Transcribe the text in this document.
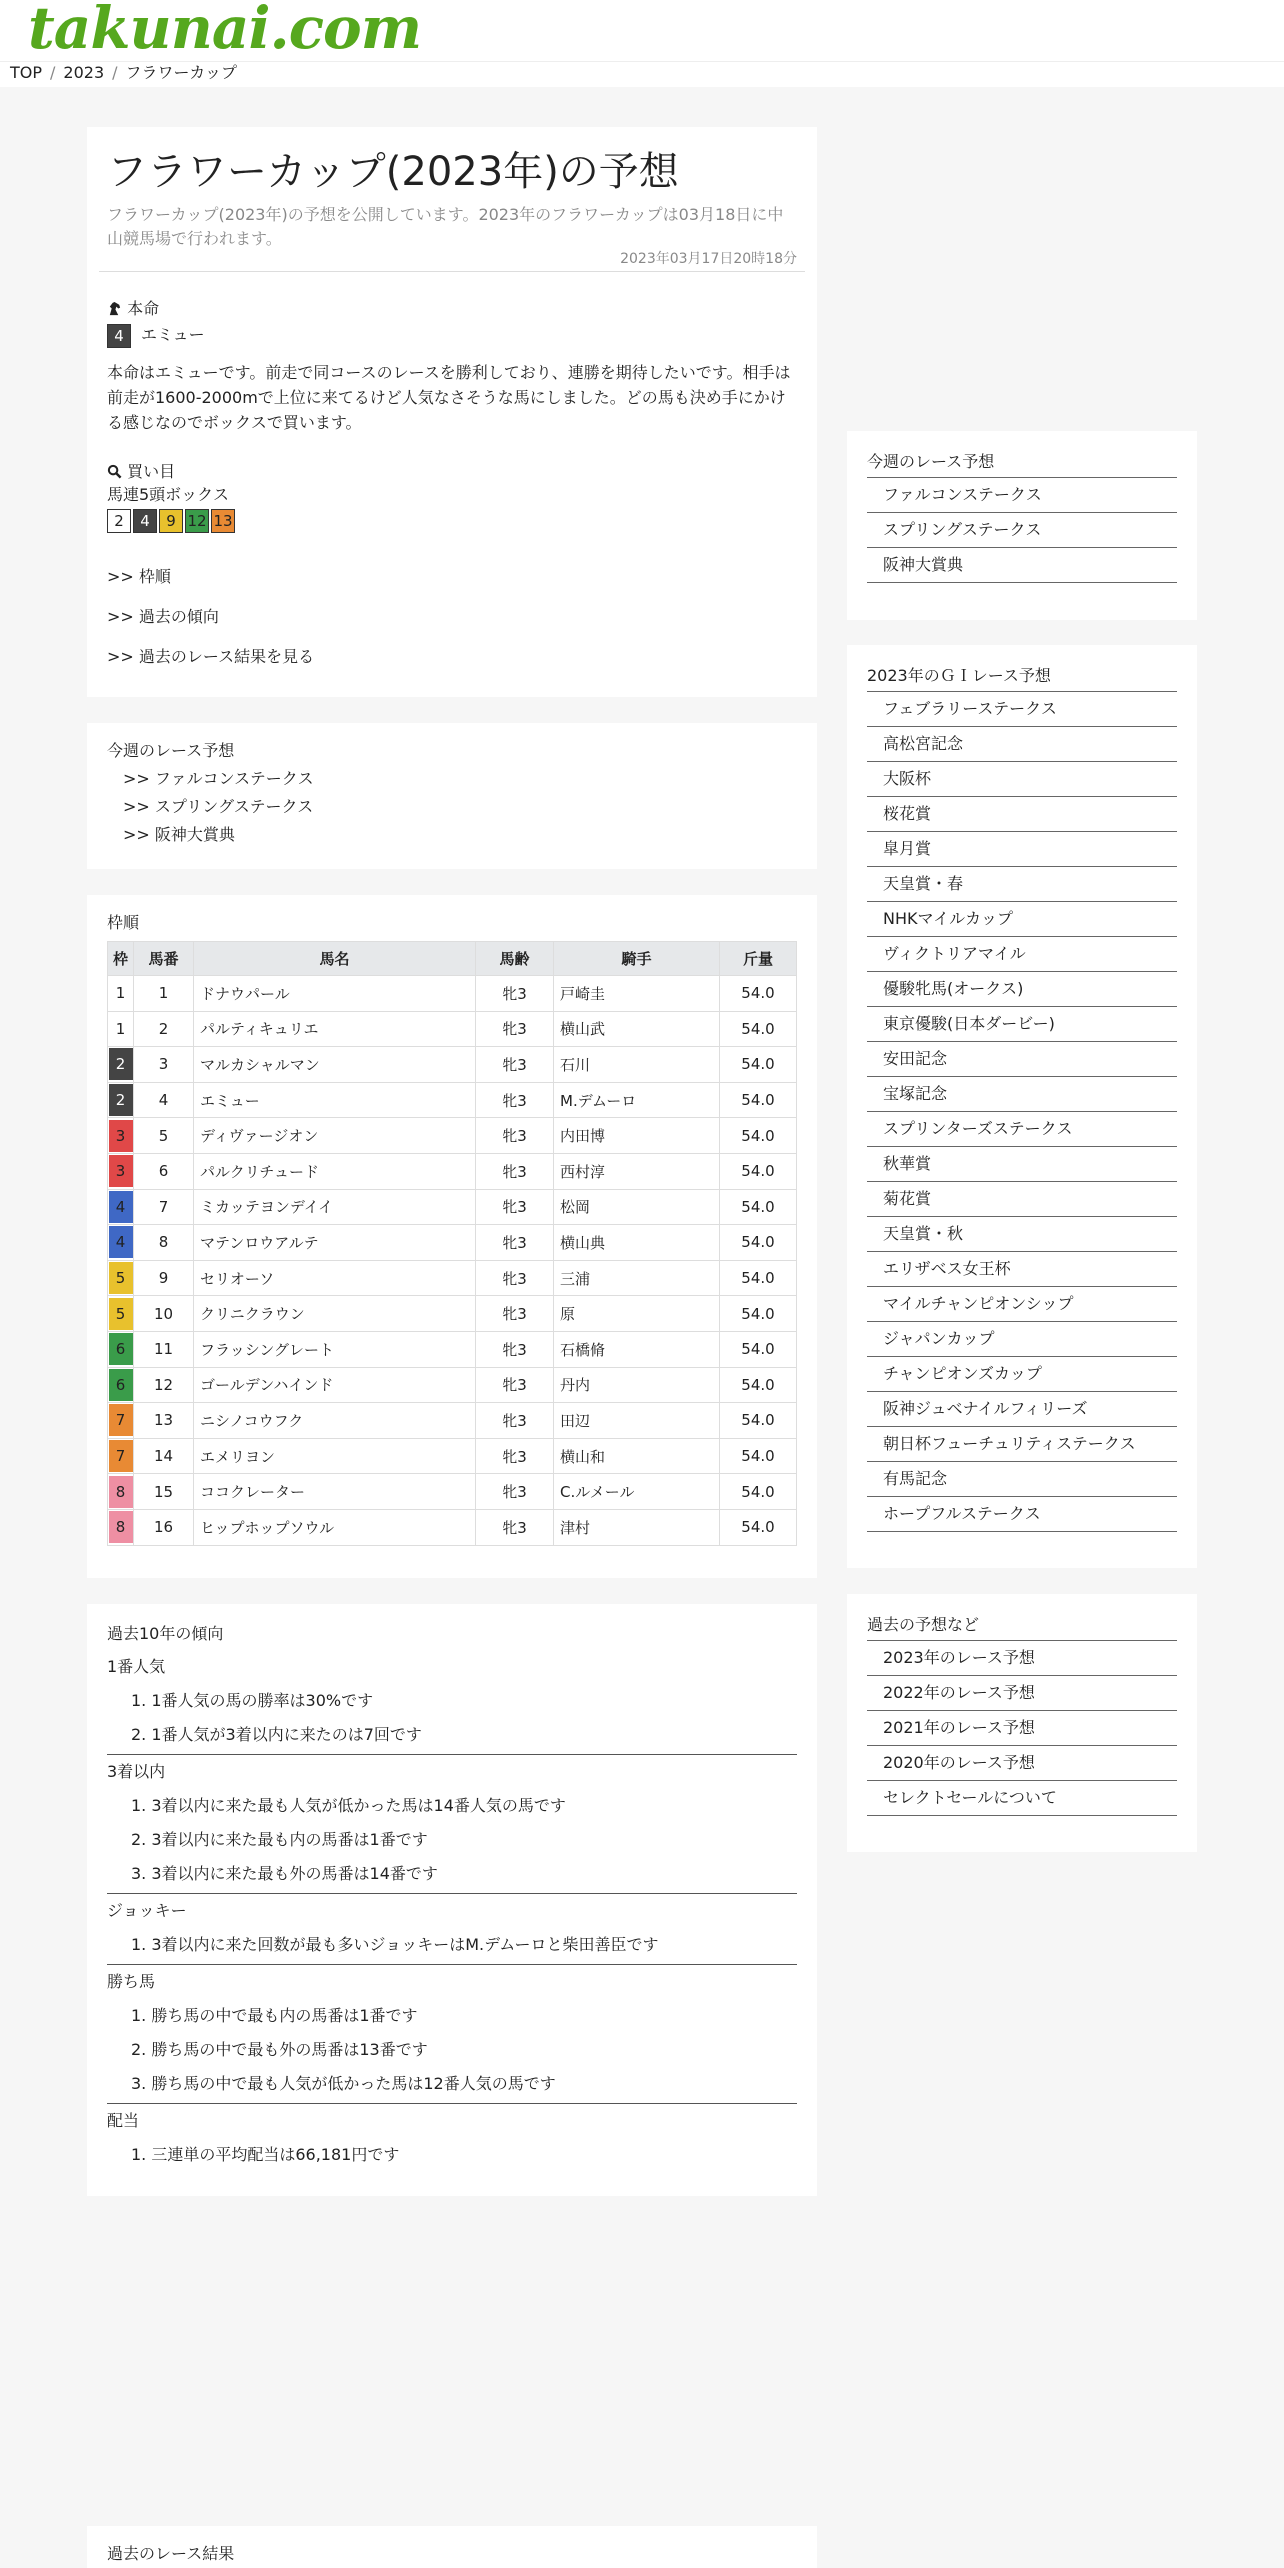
takunai.com
TOP / 2023 / フラワーカップ
フラワーカップ(2023年)の予想
フラワーカップ(2023年)の予想を公開しています。2023年のフラワーカップは03月18日に中山競馬場で行われます。
2023年03月17日20時18分
本命
4 エミュー
本命はエミューです。前走で同コースのレースを勝利しており、連勝を期待したいです。相手は前走が1600-2000mで上位に来てるけど人気なさそうな馬にしました。どの馬も決め手にかける感じなのでボックスで買います。
買い目
馬連5頭ボックス
2 4 9 12 13
>> 枠順
>> 過去の傾向
>> 過去のレース結果を見る
今週のレース予想
>> ファルコンステークス
>> スプリングステークス
>> 阪神大賞典
枠順
枠	馬番	馬名	馬齢	騎手	斤量
1	1	ドナウパール	牝3	戸崎圭	54.0
1	2	パルティキュリエ	牝3	横山武	54.0
2	3	マルカシャルマン	牝3	石川	54.0
2	4	エミュー	牝3	M.デムーロ	54.0
3	5	ディヴァージオン	牝3	内田博	54.0
3	6	パルクリチュード	牝3	西村淳	54.0
4	7	ミカッテヨンデイイ	牝3	松岡	54.0
4	8	マテンロウアルテ	牝3	横山典	54.0
5	9	セリオーソ	牝3	三浦	54.0
5	10	クリニクラウン	牝3	原	54.0
6	11	フラッシングレート	牝3	石橋脩	54.0
6	12	ゴールデンハインド	牝3	丹内	54.0
7	13	ニシノコウフク	牝3	田辺	54.0
7	14	エメリヨン	牝3	横山和	54.0
8	15	ココクレーター	牝3	C.ルメール	54.0
8	16	ヒップホップソウル	牝3	津村	54.0
過去10年の傾向
1番人気
1. 1番人気の馬の勝率は30%です
2. 1番人気が3着以内に来たのは7回です
3着以内
1. 3着以内に来た最も人気が低かった馬は14番人気の馬です
2. 3着以内に来た最も内の馬番は1番です
3. 3着以内に来た最も外の馬番は14番です
ジョッキー
1. 3着以内に来た回数が最も多いジョッキーはM.デムーロと柴田善臣です
勝ち馬
1. 勝ち馬の中で最も内の馬番は1番です
2. 勝ち馬の中で最も外の馬番は13番です
3. 勝ち馬の中で最も人気が低かった馬は12番人気の馬です
配当
1. 三連単の平均配当は66,181円です
過去のレース結果
今週のレース予想
ファルコンステークス
スプリングステークス
阪神大賞典
2023年のＧＩレース予想
フェブラリーステークス
高松宮記念
大阪杯
桜花賞
皐月賞
天皇賞・春
NHKマイルカップ
ヴィクトリアマイル
優駿牝馬(オークス)
東京優駿(日本ダービー)
安田記念
宝塚記念
スプリンターズステークス
秋華賞
菊花賞
天皇賞・秋
エリザベス女王杯
マイルチャンピオンシップ
ジャパンカップ
チャンピオンズカップ
阪神ジュベナイルフィリーズ
朝日杯フューチュリティステークス
有馬記念
ホープフルステークス
過去の予想など
2023年のレース予想
2022年のレース予想
2021年のレース予想
2020年のレース予想
セレクトセールについて
